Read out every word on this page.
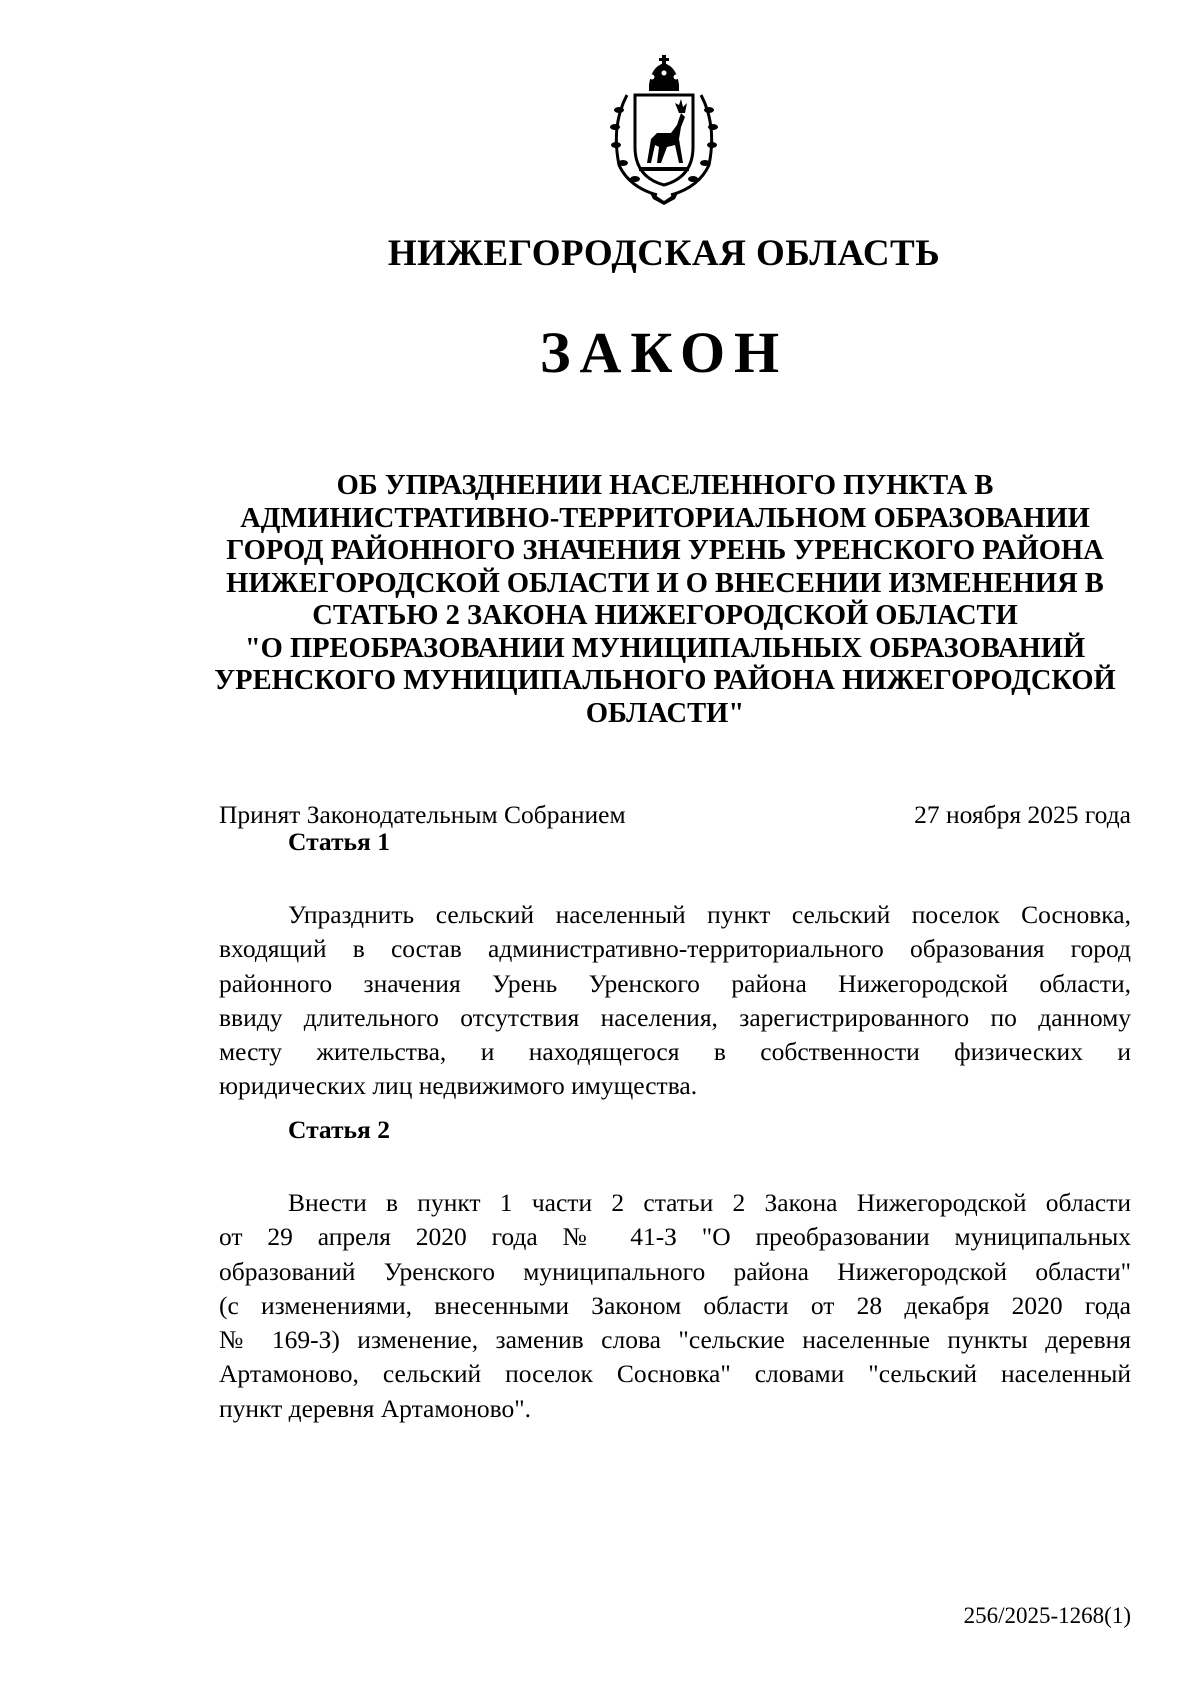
НИЖЕГОРОДСКАЯ ОБЛАСТЬ
ЗАКОН
ОБ УПРАЗДНЕНИИ НАСЕЛЕННОГО ПУНКТА В
АДМИНИСТРАТИВНО-ТЕРРИТОРИАЛЬНОМ ОБРАЗОВАНИИ
ГОРОД РАЙОННОГО ЗНАЧЕНИЯ УРЕНЬ УРЕНСКОГО РАЙОНА
НИЖЕГОРОДСКОЙ ОБЛАСТИ И О ВНЕСЕНИИ ИЗМЕНЕНИЯ В
СТАТЬЮ 2 ЗАКОНА НИЖЕГОРОДСКОЙ ОБЛАСТИ
"О ПРЕОБРАЗОВАНИИ МУНИЦИПАЛЬНЫХ ОБРАЗОВАНИЙ
УРЕНСКОГО МУНИЦИПАЛЬНОГО РАЙОНА НИЖЕГОРОДСКОЙ
ОБЛАСТИ"
Принят Законодательным Собранием	27 ноября 2025 года
Статья 1
Упразднить сельский населенный пункт сельский поселок Сосновка,
входящий в состав административно-территориального образования город
районного значения Урень Уренского района Нижегородской области,
ввиду длительного отсутствия населения, зарегистрированного по данному
месту жительства, и находящегося в собственности физических и
юридических лиц недвижимого имущества.
Статья 2
Внести в пункт 1 части 2 статьи 2 Закона Нижегородской области
от 29 апреля 2020 года № 41-З "О преобразовании муниципальных
образований Уренского муниципального района Нижегородской области"
(с изменениями, внесенными Законом области от 28 декабря 2020 года
№ 169-З) изменение, заменив слова "сельские населенные пункты деревня
Артамоново, сельский поселок Сосновка" словами "сельский населенный
пункт деревня Артамоново".
256/2025-1268(1)
